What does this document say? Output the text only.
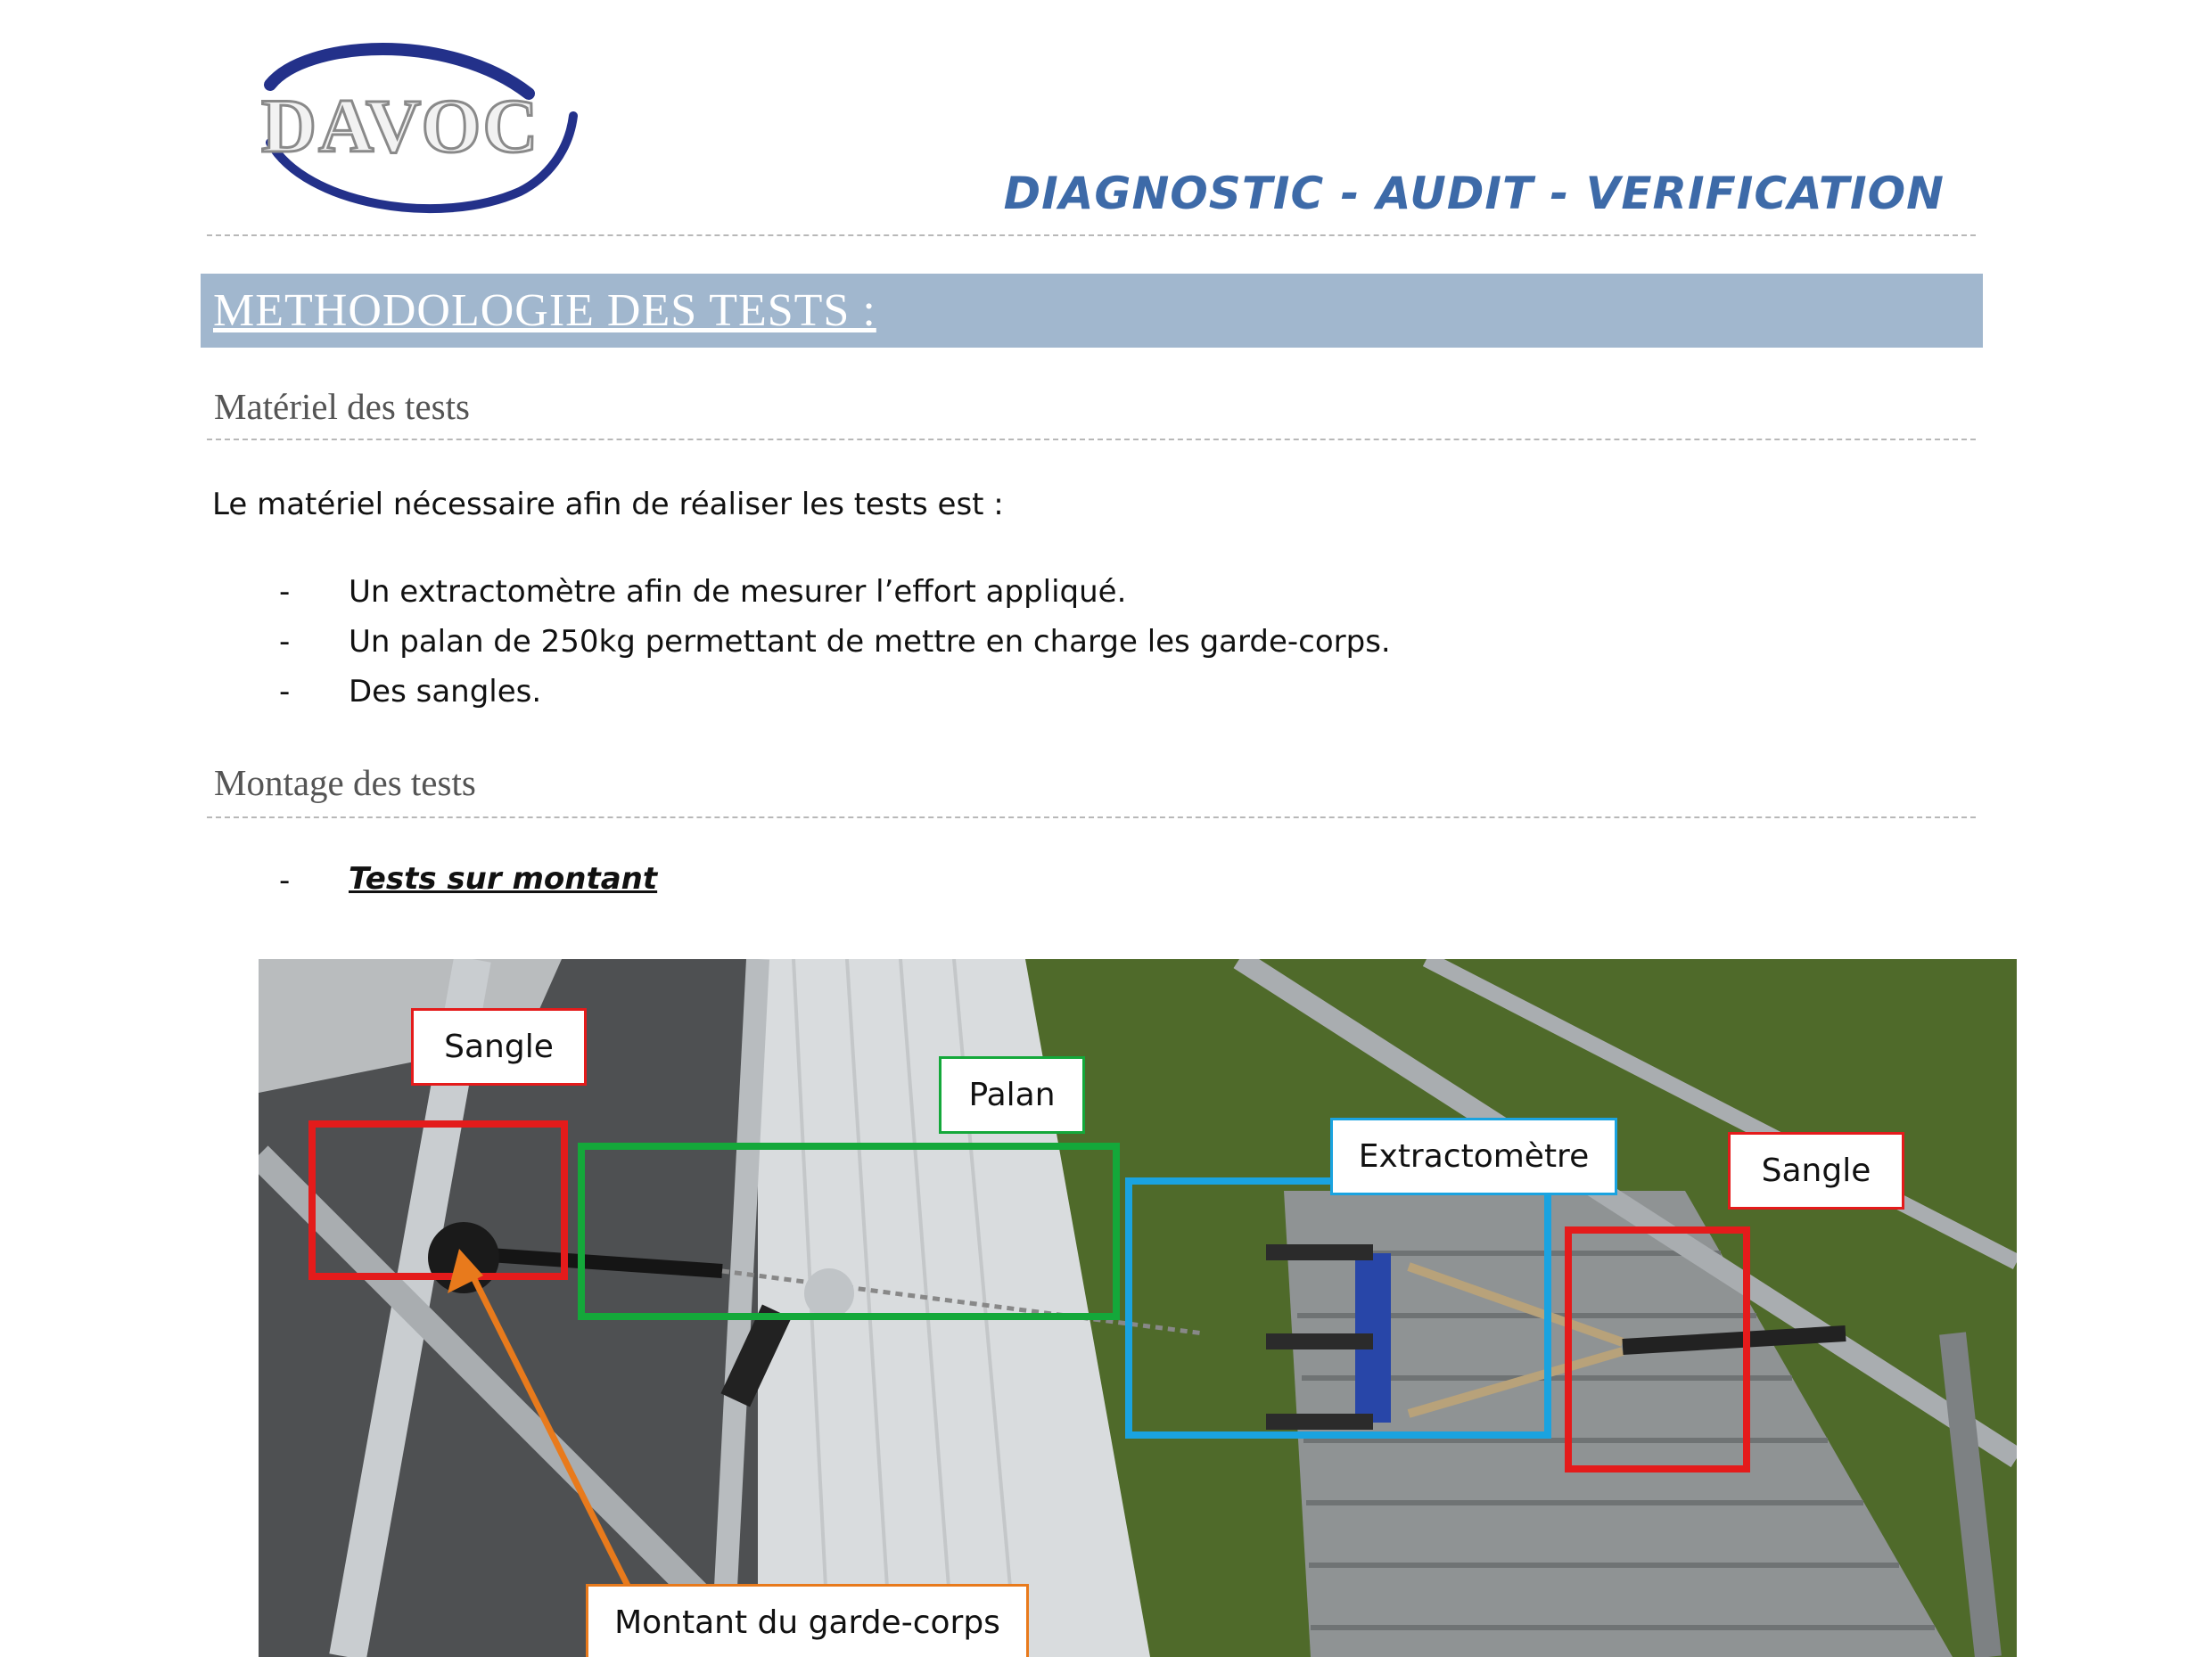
DAVOC

DIAGNOSTIC - AUDIT - VERIFICATION

METHODOLOGIE DES TESTS :
Matériel des tests

Le matériel nécessaire afin de réaliser les tests est :

- Un extractomètre afin de mesurer l’effort appliqué.
- Un palan de 250kg permettant de mettre en charge les garde-corps.
- Des sangles.
Montage des tests
- Tests sur montant
Sangle
Palan
Extractomètre	Sangle
Montant du garde-corps
